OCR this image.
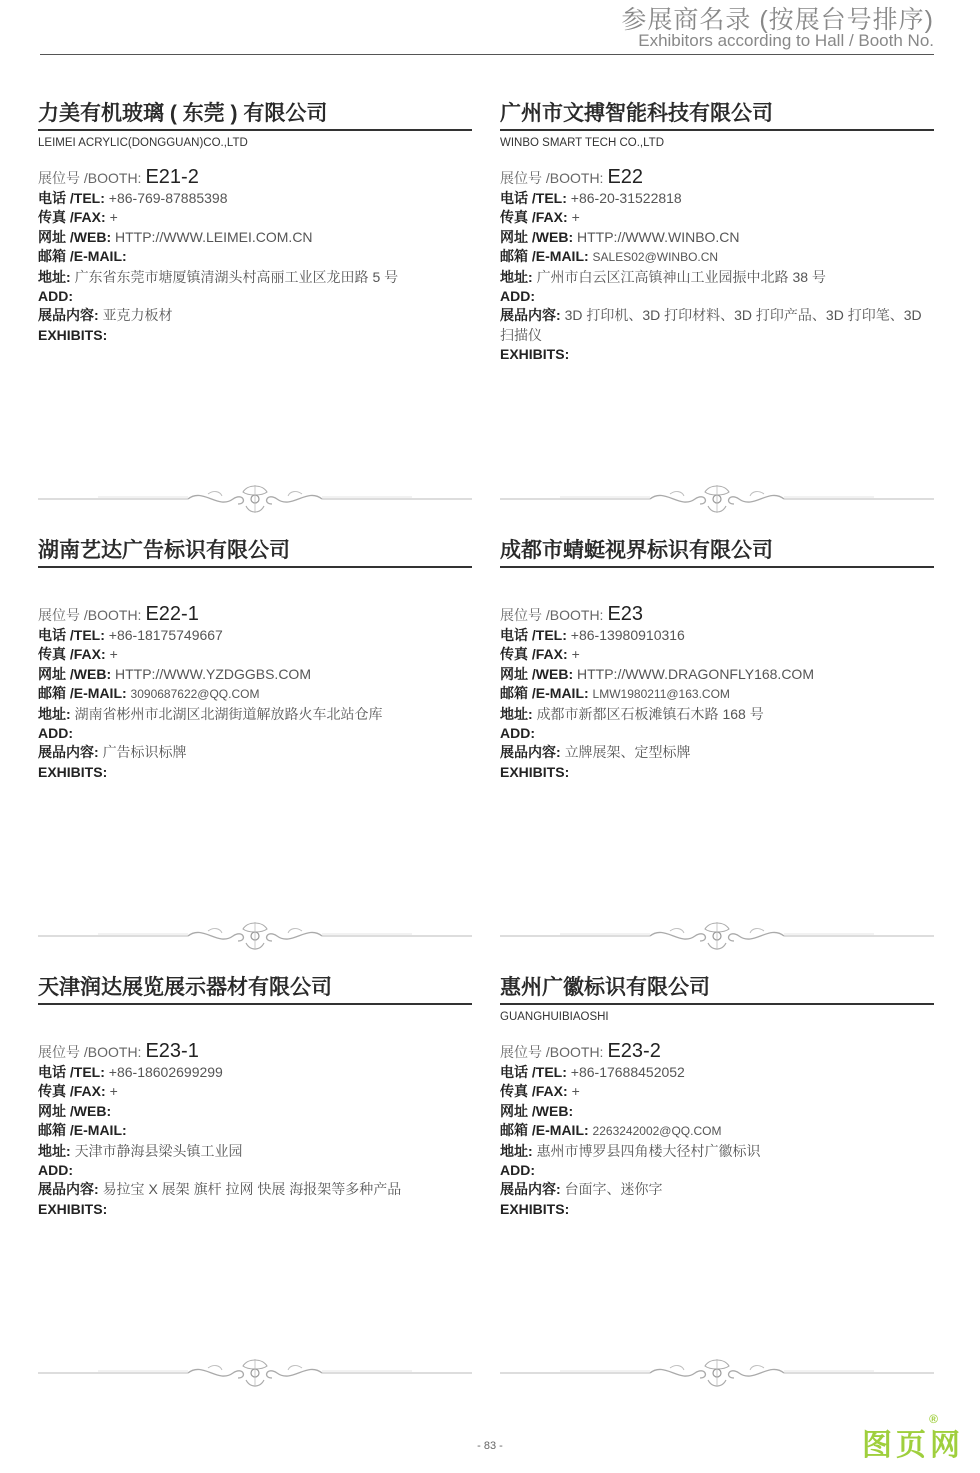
参展商名录 (按展台号排序)
Exhibitors according to Hall / Booth No.
力美有机玻璃 ( 东莞 ) 有限公司
LEIMEI ACRYLIC(DONGGUAN)CO.,LTD
展位号 /BOOTH: E21-2
电话 /TEL: +86-769-87885398
传真 /FAX: +
网址 /WEB: HTTP://WWW.LEIMEI.COM.CN
邮箱 /E-MAIL:
地址: 广东省东莞市塘厦镇清湖头村高丽工业区龙田路 5 号
ADD:
展品内容: 亚克力板材
EXHIBITS:
广州市文搏智能科技有限公司
WINBO SMART TECH CO.,LTD
展位号 /BOOTH: E22
电话 /TEL: +86-20-31522818
传真 /FAX: +
网址 /WEB: HTTP://WWW.WINBO.CN
邮箱 /E-MAIL: SALES02@WINBO.CN
地址: 广州市白云区江高镇神山工业园振中北路 38 号
ADD:
展品内容: 3D 打印机、3D 打印材料、3D 打印产品、3D 打印笔、3D 扫描仪
EXHIBITS:
湖南艺达广告标识有限公司
展位号 /BOOTH: E22-1
电话 /TEL: +86-18175749667
传真 /FAX: +
网址 /WEB: HTTP://WWW.YZDGGBS.COM
邮箱 /E-MAIL: 3090687622@QQ.COM
地址: 湖南省彬州市北湖区北湖街道解放路火车北站仓库
ADD:
展品内容: 广告标识标牌
EXHIBITS:
成都市蜻蜓视界标识有限公司
展位号 /BOOTH: E23
电话 /TEL: +86-13980910316
传真 /FAX: +
网址 /WEB: HTTP://WWW.DRAGONFLY168.COM
邮箱 /E-MAIL: LMW1980211@163.COM
地址: 成都市新都区石板滩镇石木路 168 号
ADD:
展品内容: 立牌展架、定型标牌
EXHIBITS:
天津润达展览展示器材有限公司
展位号 /BOOTH: E23-1
电话 /TEL: +86-18602699299
传真 /FAX: +
网址 /WEB:
邮箱 /E-MAIL:
地址: 天津市静海县梁头镇工业园
ADD:
展品内容: 易拉宝 X 展架 旗杆 拉网 快展 海报架等多种产品
EXHIBITS:
惠州广徽标识有限公司
GUANGHUIBIAOSHI
展位号 /BOOTH: E23-2
电话 /TEL: +86-17688452052
传真 /FAX: +
网址 /WEB:
邮箱 /E-MAIL: 2263242002@QQ.COM
地址: 惠州市博罗县四角楼大径村广徽标识
ADD:
展品内容: 台面字、迷你字
EXHIBITS:
- 83 -	图页网
®
